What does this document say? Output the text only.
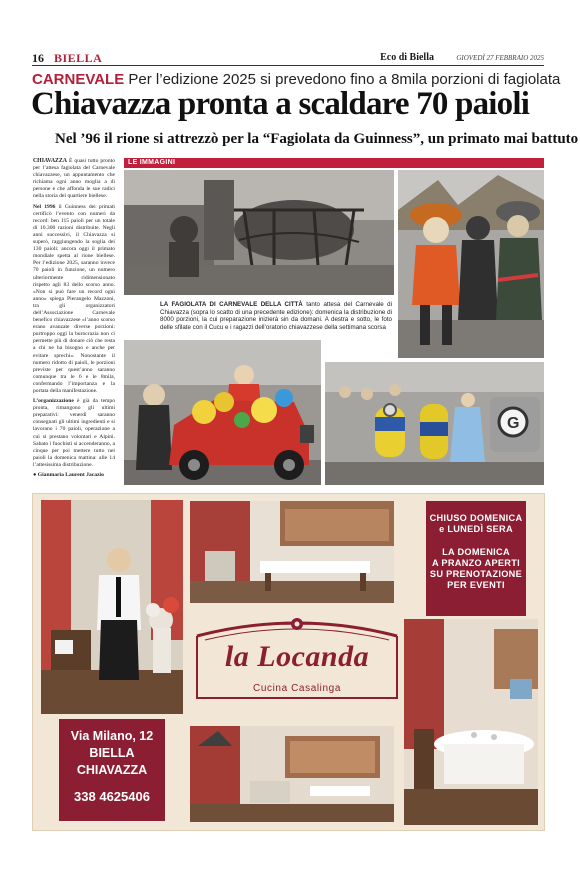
16 BIELLA	Eco di Biella	GIOVEDÌ 27 FEBBRAIO 2025
CARNEVALE Per l’edizione 2025 si prevedono fino a 8mila porzioni di fagiolata
Chiavazza pronta a scaldare 70 paioli
Nel ’96 il rione si attrezzò per la “Fagiolata da Guinness”, un primato mai battuto

CHIAVAZZA È quasi tutto pronto per l’attesa fagiolata del Carnevale chiavazzese, un appuntamento che richiama ogni anno moglia a di persone e che affonda le sue radici nella storia del quartiere biellese.

Nel 1996 il Guinness dei primati certificò l’evento con numeri da record: ben 115 paioli per un totale di 10.300 razioni distribuite. Negli anni successivi, il Chiavazza si superò, raggiungendo la soglia dei 130 paioli: ancora oggi il primato mondiale spetta al rione biellese. Per l’edizione 2025, saranno invece 70 paioli in funzione, un numero ulteriormente ridimensionato rispetto agli 83 dello scorso anno. «Non si può fare un record ogni anno» spiega Pierangelo Mazzoni, tra gli organizzatori dell’Associazione Carnevale benefico chiavazzese «l’anno scorso erano avanzate diverse porzioni: purtroppo oggi la burocrazia non ci permette più di donare ciò che resta a chi ne ha bisogno e anche per evitare sprechi». Nonostante il numero ridotto di paioli, le porzioni previste per quest’anno saranno comunque tra le 6 e le 8mila, confermando l’importanza e la portata della manifestazione.

L’organizzazione è già da tempo pronta, rimangono gli ultimi preparativi: venerdì saranno consegnati gli ultimi ingredienti e si lavorano i 70 paioli, operazione a cui si prestano volontari e Alpini. Sabato i fuochisti si accenderanno, a cinque per poi mettere tutto nei paioli la domenica mattina: alle 14 l’attesissima distribuzione.

● Gianmaria Laurent Jacazio

LE IMMAGINI
LA FAGIOLATA DI CARNEVALE DELLA CITTÀ tanto attesa del Carnevale di Chiavazza (sopra lo scatto di una precedente edizione): domenica la distribuzione di 8000 porzioni, la cui preparazione inizierà sin da domani. A destra e sotto, le foto delle sfilate con il Cucu e i ragazzi dell’oratorio chiavazzese della settimana scorsa
G
CHIUSO DOMENICA
e LUNEDÌ SERA
LA DOMENICA
A PRANZO APERTI
SU PRENOTAZIONE
PER EVENTI
la Locanda
Cucina Casalinga
Via Milano, 12
BIELLA
CHIAVAZZA
338 4625406
